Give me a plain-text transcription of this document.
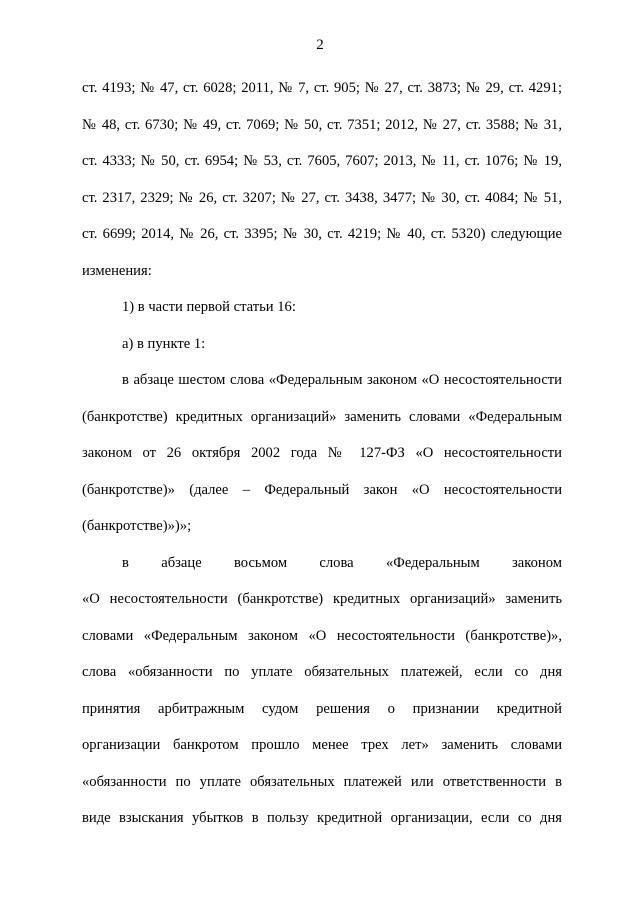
2
ст. 4193; № 47, ст. 6028; 2011, № 7, ст. 905; № 27, ст. 3873; № 29, ст. 4291;
№ 48, ст. 6730; № 49, ст. 7069; № 50, ст. 7351; 2012, № 27, ст. 3588; № 31,
ст. 4333; № 50, ст. 6954; № 53, ст. 7605, 7607; 2013, № 11, ст. 1076; № 19,
ст. 2317, 2329; № 26, ст. 3207; № 27, ст. 3438, 3477; № 30, ст. 4084; № 51,
ст. 6699; 2014, № 26, ст. 3395; № 30, ст. 4219; № 40, ст. 5320) следующие
изменения:
1) в части первой статьи 16:
а) в пункте 1:
в абзаце шестом слова «Федеральным законом «О несостоятельности
(банкротстве) кредитных организаций» заменить словами «Федеральным
законом от 26 октября 2002 года № 127-ФЗ «О несостоятельности
(банкротстве)» (далее – Федеральный закон «О несостоятельности
(банкротстве)»)»;
в абзаце восьмом слова «Федеральным законом
«О несостоятельности (банкротстве) кредитных организаций» заменить
словами «Федеральным законом «О несостоятельности (банкротстве)»,
слова «обязанности по уплате обязательных платежей, если со дня
принятия арбитражным судом решения о признании кредитной
организации банкротом прошло менее трех лет» заменить словами
«обязанности по уплате обязательных платежей или ответственности в
виде взыскания убытков в пользу кредитной организации, если со дня
